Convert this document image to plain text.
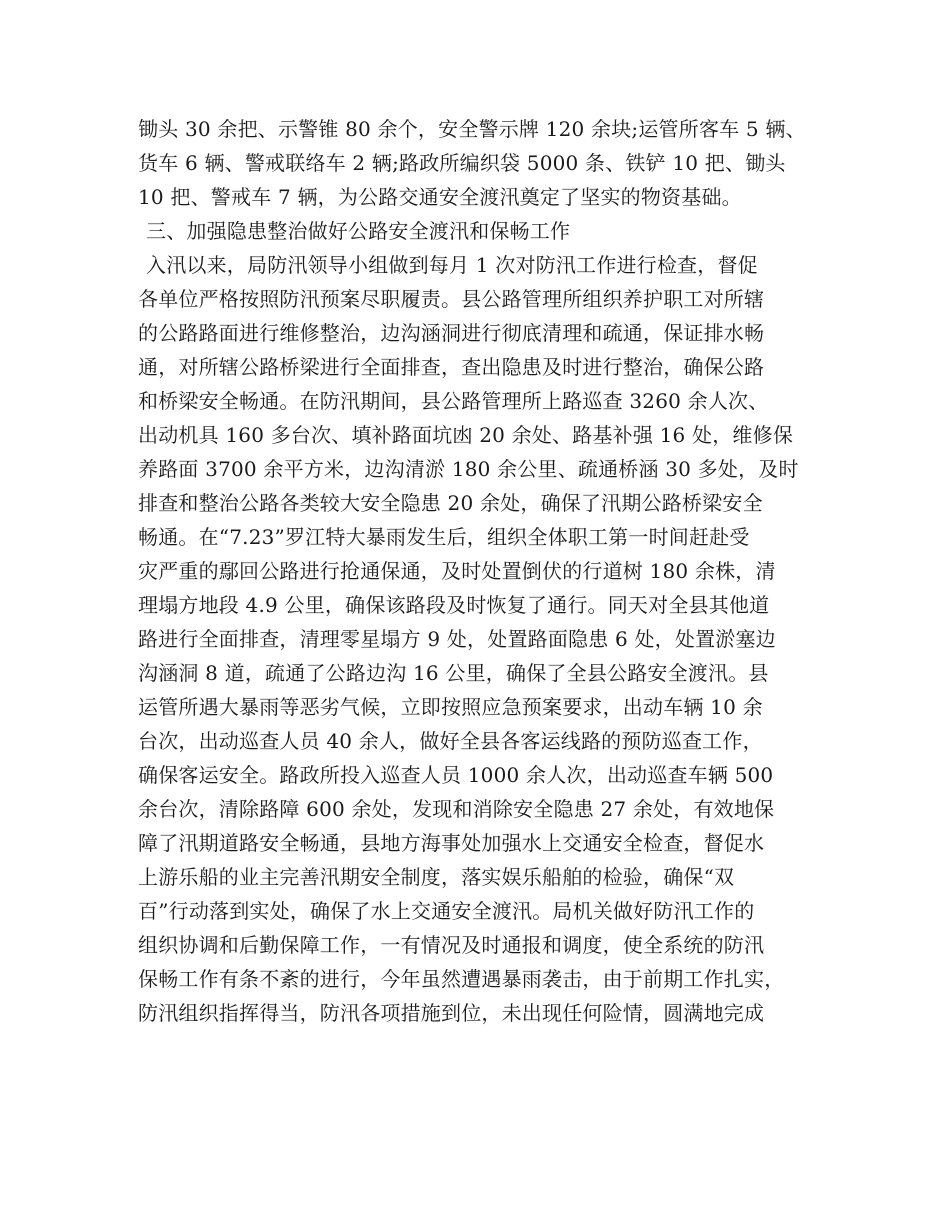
锄头 30 余把、示警锥 80 余个，安全警示牌 120 余块;运管所客车 5 辆、
货车 6 辆、警戒联络车 2 辆;路政所编织袋 5000 条、铁铲 10 把、锄头
10 把、警戒车 7 辆，为公路交通安全渡汛奠定了坚实的物资基础。
三、加强隐患整治做好公路安全渡汛和保畅工作
入汛以来，局防汛领导小组做到每月 1 次对防汛工作进行检查，督促
各单位严格按照防汛预案尽职履责。县公路管理所组织养护职工对所辖
的公路路面进行维修整治，边沟涵洞进行彻底清理和疏通，保证排水畅
通，对所辖公路桥梁进行全面排查，查出隐患及时进行整治，确保公路
和桥梁安全畅通。在防汛期间，县公路管理所上路巡查 3260 余人次、
出动机具 160 多台次、填补路面坑凼 20 余处、路基补强 16 处，维修保
养路面 3700 余平方米，边沟清淤 180 余公里、疏通桥涵 30 多处，及时
排查和整治公路各类较大安全隐患 20 余处，确保了汛期公路桥梁安全
畅通。在“7.23”罗江特大暴雨发生后，组织全体职工第一时间赶赴受
灾严重的鄢回公路进行抢通保通，及时处置倒伏的行道树 180 余株，清
理塌方地段 4.9 公里，确保该路段及时恢复了通行。同天对全县其他道
路进行全面排查，清理零星塌方 9 处，处置路面隐患 6 处，处置淤塞边
沟涵洞 8 道，疏通了公路边沟 16 公里，确保了全县公路安全渡汛。县
运管所遇大暴雨等恶劣气候，立即按照应急预案要求，出动车辆 10 余
台次，出动巡查人员 40 余人，做好全县各客运线路的预防巡查工作，
确保客运安全。路政所投入巡查人员 1000 余人次，出动巡查车辆 500
余台次，清除路障 600 余处，发现和消除安全隐患 27 余处，有效地保
障了汛期道路安全畅通，县地方海事处加强水上交通安全检查，督促水
上游乐船的业主完善汛期安全制度，落实娱乐船舶的检验，确保“双
百”行动落到实处，确保了水上交通安全渡汛。局机关做好防汛工作的
组织协调和后勤保障工作，一有情况及时通报和调度，使全系统的防汛
保畅工作有条不紊的进行，今年虽然遭遇暴雨袭击，由于前期工作扎实，
防汛组织指挥得当，防汛各项措施到位，未出现任何险情，圆满地完成
